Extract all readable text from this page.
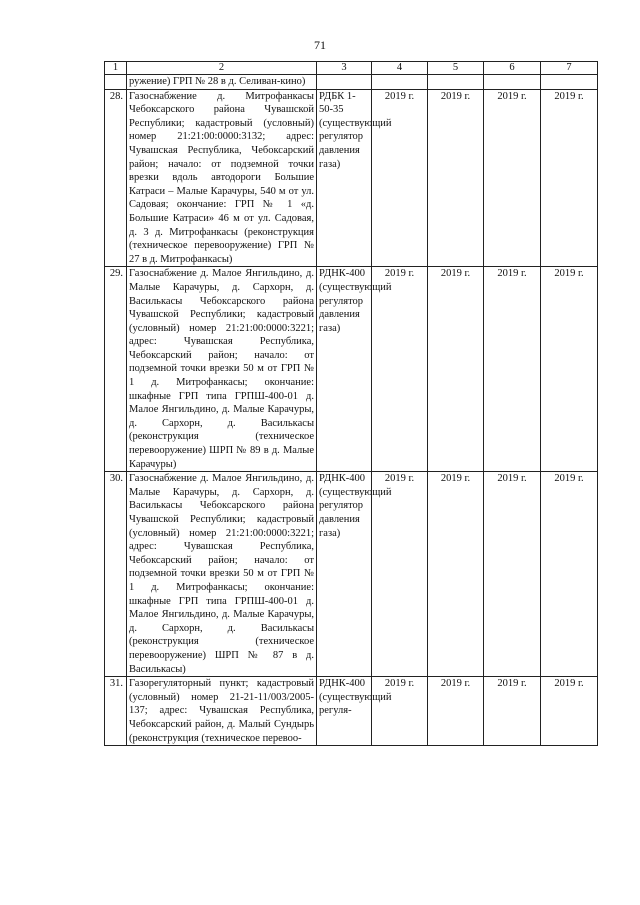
71
1	2	3	4	5	6	7
	ружение) ГРП № 28 в д. Селиван-кино)					
28.	Газоснабжение д. Митрофанкасы Чебоксарского района Чувашской Республики; кадастровый (условный) номер 21:21:00:0000:3132; адрес: Чувашская Республика, Чебоксарский район; начало: от подземной точки врезки вдоль автодороги Большие Катраси – Малые Карачуры, 540 м от ул. Садовая; окончание: ГРП № 1 «д. Большие Катраси» 46 м от ул. Садовая, д. 3 д. Митрофанкасы (реконструкция (техническое перевооружение) ГРП № 27 в д. Митрофанкасы)	РДБК 1-50-35 (существующий регулятор давления газа)	2019 г.	2019 г.	2019 г.	2019 г.
29.	Газоснабжение д. Малое Янгильдино, д. Малые Карачуры, д. Сархорн, д. Василькасы Чебоксарского района Чувашской Республики; кадастровый (условный) номер 21:21:00:0000:3221; адрес: Чувашская Республика, Чебоксарский район; начало: от подземной точки врезки 50 м от ГРП № 1 д. Митрофанкасы; окончание: шкафные ГРП типа ГРПШ-400-01 д. Малое Янгильдино, д. Малые Карачуры, д. Сархорн, д. Василькасы (реконструкция (техническое перевооружение) ШРП № 89 в д. Малые Карачуры)	РДНК-400 (существующий регулятор давления газа)	2019 г.	2019 г.	2019 г.	2019 г.
30.	Газоснабжение д. Малое Янгильдино, д. Малые Карачуры, д. Сархорн, д. Василькасы Чебоксарского района Чувашской Республики; кадастровый (условный) номер 21:21:00:0000:3221; адрес: Чувашская Республика, Чебоксарский район; начало: от подземной точки врезки 50 м от ГРП № 1 д. Митрофанкасы; окончание: шкафные ГРП типа ГРПШ-400-01 д. Малое Янгильдино, д. Малые Карачуры, д. Сархорн, д. Василькасы (реконструкция (техническое перевооружение) ШРП № 87 в д. Василькасы)	РДНК-400 (существующий регулятор давления газа)	2019 г.	2019 г.	2019 г.	2019 г.
31.	Газорегуляторный пункт; кадастровый (условный) номер 21-21-11/003/2005-137; адрес: Чувашская Республика, Чебоксарский район, д. Малый Сундырь (реконструкция (техническое перевоо-	РДНК-400 (существующий регуля-	2019 г.	2019 г.	2019 г.	2019 г.
